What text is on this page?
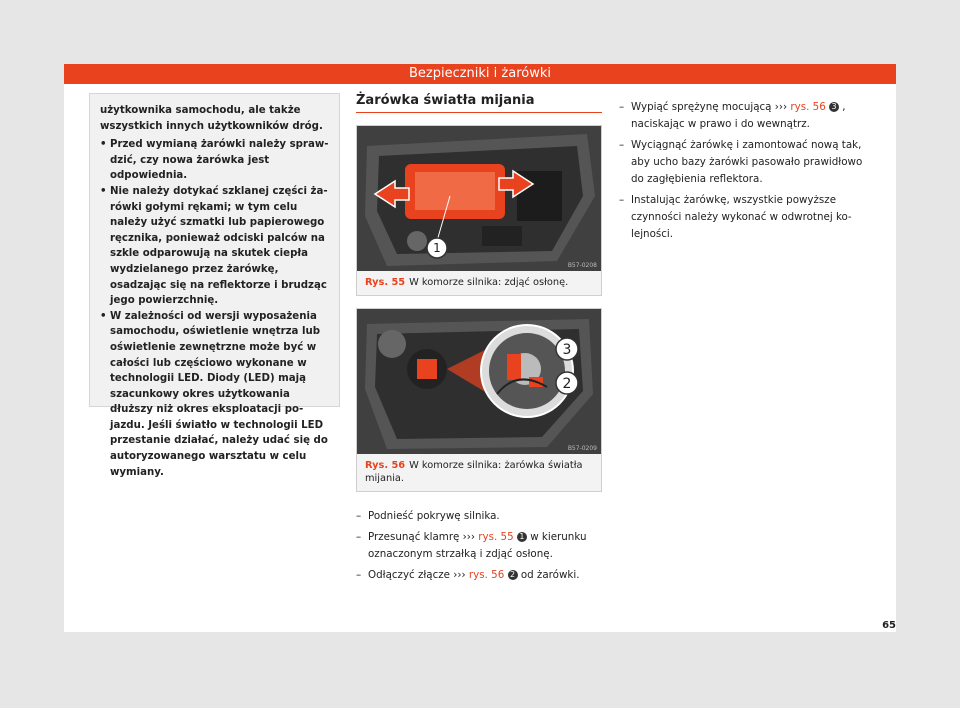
Bezpieczniki i żarówki

użytkownika samochodu, ale także wszystkich innych użytkowników dróg.

• Przed wymianą żarówki należy sprawdzić, czy nowa żarówka jest odpowiednia.
• Nie należy dotykać szklanej części żarówki gołymi rękami; w tym celu należy użyć szmatki lub papierowego ręcznika, ponieważ odciski palców na szkle odparowują na skutek ciepła wydzielanego przez żarówkę, osadzając się na reflektorze i brudząc jego powierzchnię.
• W zależności od wersji wyposażenia samochodu, oświetlenie wnętrza lub oświetlenie zewnętrzne może być w całości lub częściowo wykonane w technologii LED. Diody (LED) mają szacunkowy okres użytkowania dłuższy niż okres eksploatacji pojazdu. Jeśli światło w technologii LED przestanie działać, należy udać się do autoryzowanego warsztatu w celu wymiany.
Żarówka światła mijania
1
B57-0208
Rys. 55 W komorze silnika: zdjąć osłonę.
3
2
B57-0209
Rys. 56 W komorze silnika: żarówka światła mijania.
– Podnieść pokrywę silnika.
– Przesunąć klamrę ››› rys. 55 1 w kierunku oznaczonym strzałką i zdjąć osłonę.
– Odłączyć złącze ››› rys. 56 2 od żarówki.
– Wypiąć sprężynę mocującą ››› rys. 56 3 , naciskając w prawo i do wewnątrz.
– Wyciągnąć żarówkę i zamontować nową tak, aby ucho bazy żarówki pasowało prawidłowo do zagłębienia reflektora.
– Instalując żarówkę, wszystkie powyższe czynności należy wykonać w odwrotnej kolejności.
65
